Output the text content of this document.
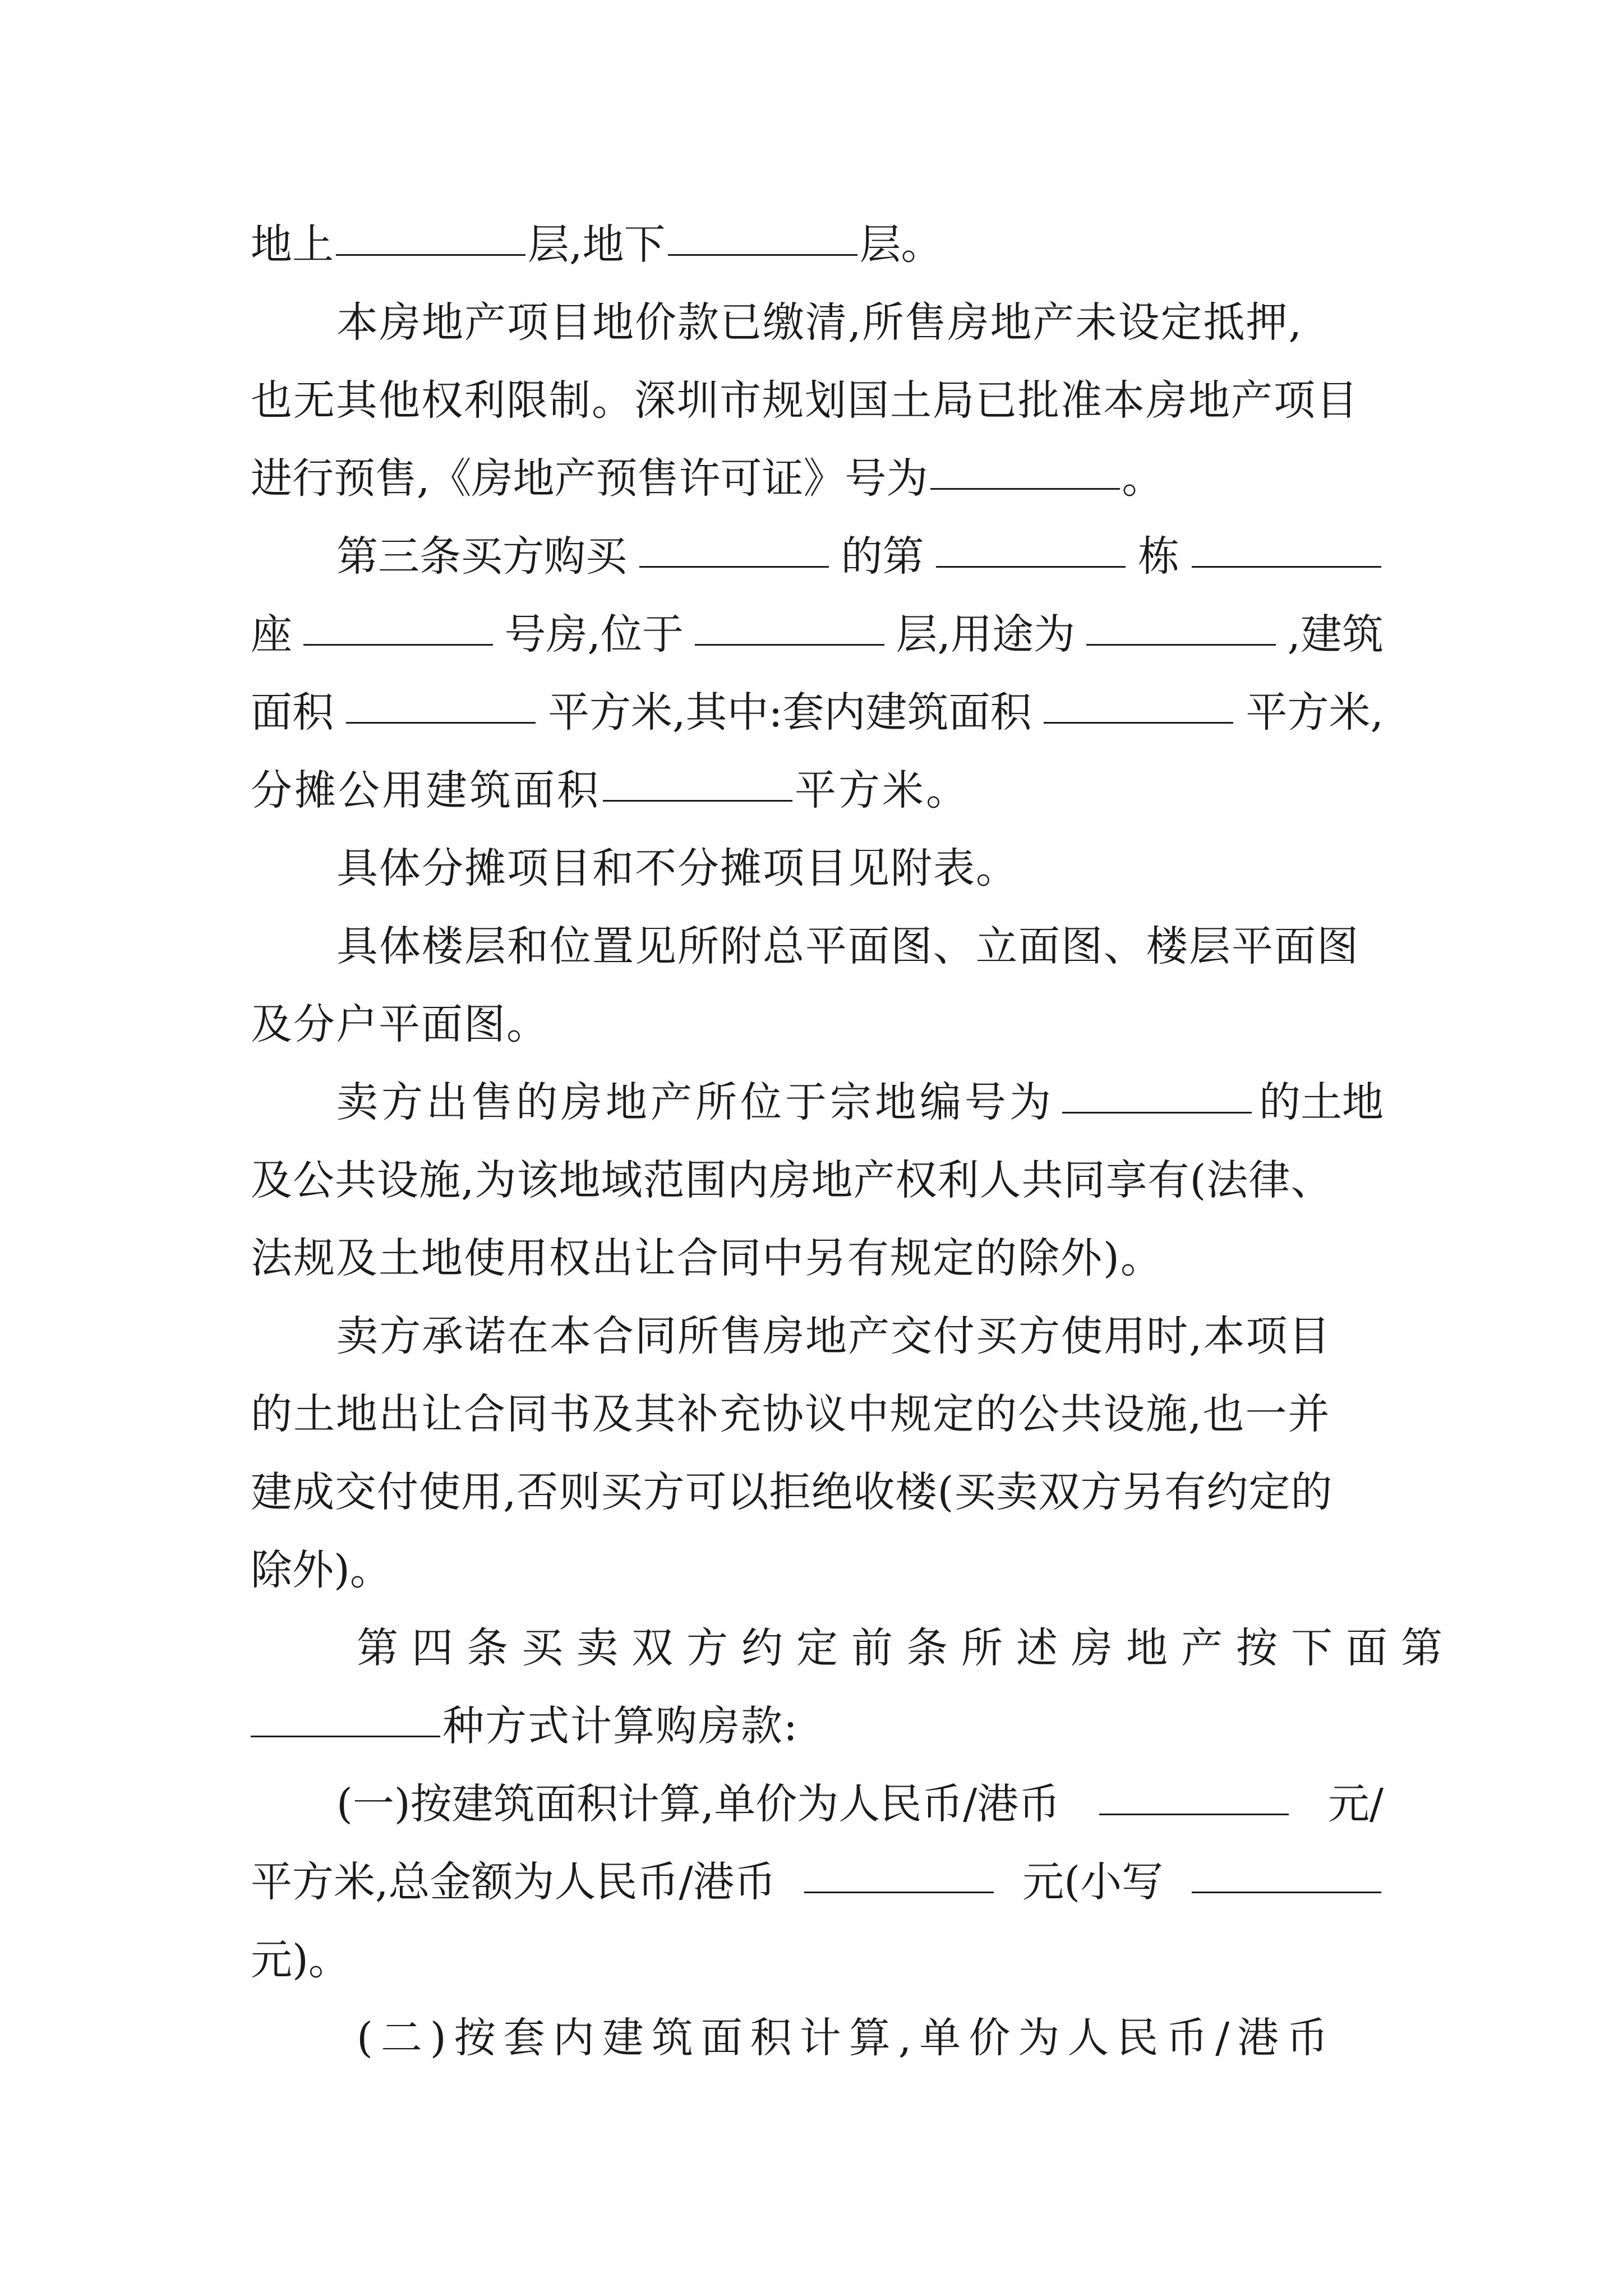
地上	层,地下	层。
本房地产项目地价款已缴清,所售房地产未设定抵押,
也无其他权利限制。深圳市规划国土局已批准本房地产项目
进行预售,《房地产预售许可证》号为	。
第三条买方购买	的第	栋
座	号房,位于	层,用途为	,建筑
面积	平方米,其中:套内建筑面积	平方米,
分摊公用建筑面积	平方米。
具体分摊项目和不分摊项目见附表。
具体楼层和位置见所附总平面图、立面图、楼层平面图
及分户平面图。
卖方出售的房地产所位于宗地编号为	的土地
及公共设施,为该地域范围内房地产权利人共同享有(法律、
法规及土地使用权出让合同中另有规定的除外)。
卖方承诺在本合同所售房地产交付买方使用时,本项目
的土地出让合同书及其补充协议中规定的公共设施,也一并
建成交付使用,否则买方可以拒绝收楼(买卖双方另有约定的
除外)。
第四条买卖双方约定前条所述房地产按下面第
种方式计算购房款:
(一)按建筑面积计算,单价为人民币/港币	元/
平方米,总金额为人民币/港币	元(小写
元)。
(二)按套内建筑面积计算,单价为人民币/港币
